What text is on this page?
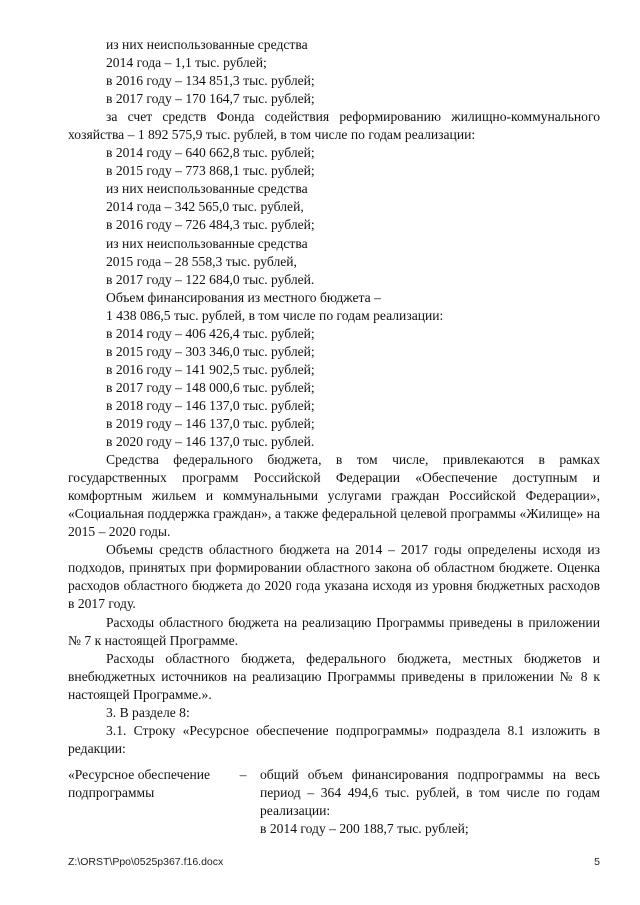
из них неиспользованные средства
2014 года – 1,1 тыс. рублей;
в 2016 году – 134 851,3 тыс. рублей;
в 2017 году – 170 164,7 тыс. рублей;
за счет средств Фонда содействия реформированию жилищно-коммунального хозяйства – 1 892 575,9 тыс. рублей, в том числе по годам реализации:
в 2014 году – 640 662,8 тыс. рублей;
в 2015 году – 773 868,1 тыс. рублей;
из них неиспользованные средства
2014 года – 342 565,0 тыс. рублей,
в 2016 году – 726 484,3 тыс. рублей;
из них неиспользованные средства
2015 года – 28 558,3 тыс. рублей,
в 2017 году – 122 684,0 тыс. рублей.
Объем финансирования из местного бюджета –
1 438 086,5 тыс. рублей, в том числе по годам реализации:
в 2014 году – 406 426,4 тыс. рублей;
в 2015 году – 303 346,0 тыс. рублей;
в 2016 году – 141 902,5 тыс. рублей;
в 2017 году – 148 000,6 тыс. рублей;
в 2018 году – 146 137,0 тыс. рублей;
в 2019 году – 146 137,0 тыс. рублей;
в 2020 году – 146 137,0 тыс. рублей.
Средства федерального бюджета, в том числе, привлекаются в рамках государственных программ Российской Федерации «Обеспечение доступным и комфортным жильем и коммунальными услугами граждан Российской Федерации», «Социальная поддержка граждан», а также федеральной целевой программы «Жилище» на 2015 – 2020 годы.
Объемы средств областного бюджета на 2014 – 2017 годы определены исходя из подходов, принятых при формировании областного закона об областном бюджете. Оценка расходов областного бюджета до 2020 года указана исходя из уровня бюджетных расходов в 2017 году.
Расходы областного бюджета на реализацию Программы приведены в приложении № 7 к настоящей Программе.
Расходы областного бюджета, федерального бюджета, местных бюджетов и внебюджетных источников на реализацию Программы приведены в приложении № 8 к настоящей Программе.».
3. В разделе 8:
3.1. Строку «Ресурсное обеспечение подпрограммы» подраздела 8.1 изложить в редакции:
«Ресурсное обеспечение подпрограммы
–	общий объем финансирования подпрограммы на весь период – 364 494,6 тыс. рублей, в том числе по годам реализации:
в 2014 году – 200 188,7 тыс. рублей;
Z:\ORST\Ppo\0525p367.f16.docx	5
